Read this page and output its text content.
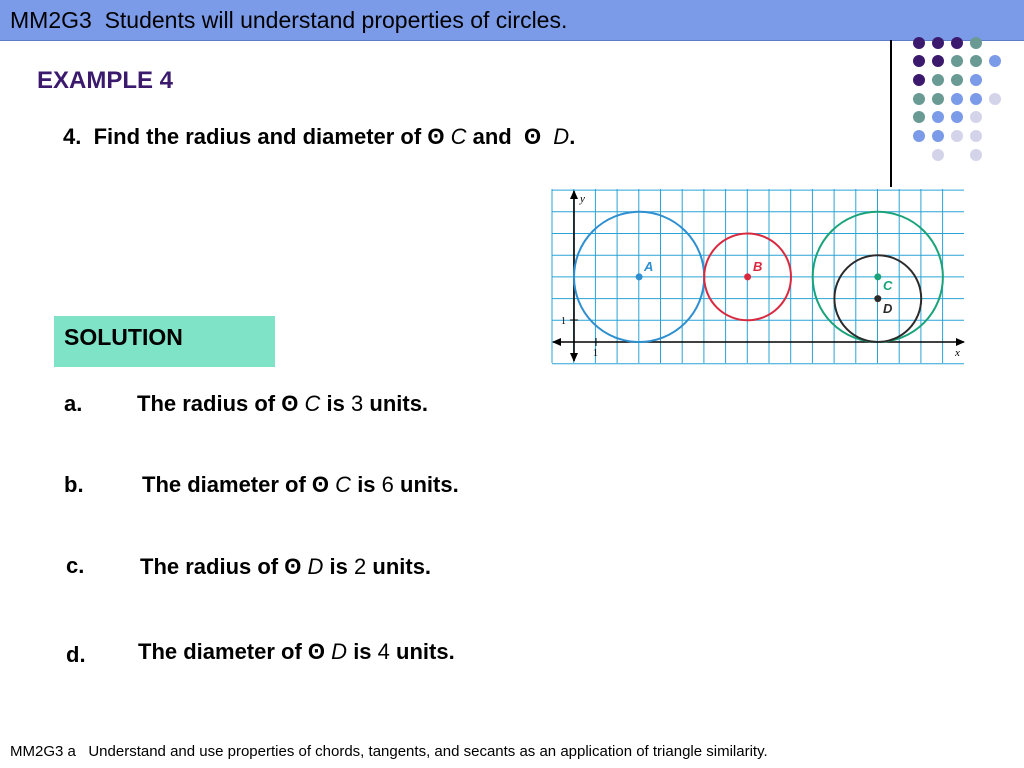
MM2G3  Students will understand properties of circles.
EXAMPLE 4
4. Find the radius and diameter of ʘ C and ʘ D.
x
y
1
1
A	B
C
D
SOLUTION
a. The radius of ʘ C is 3 units.
b.	The diameter of ʘ C is 6 units.
c.	The radius of ʘ D is 2 units.
d. The diameter of ʘ D is 4 units.
MM2G3 a   Understand and use properties of chords, tangents, and secants as an application of triangle similarity.
